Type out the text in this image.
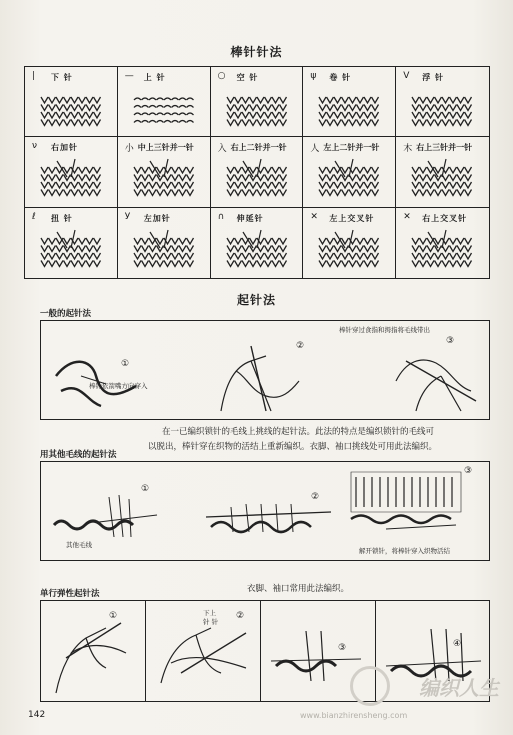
棒针针法
| 下 针	— 上 针	○ 空 针	ψ 卷 针	V 浮 针
ν 右加针	小 中上三针并一针	入 右上二针并一针	人 左上二针并一针	木 右上三针并一针
ℓ 扭 针	У 左加针	∩ 伸延针	✕ 左上交叉针	✕ 右上交叉针
起针法
一般的起针法
①
棒针依箭嘴方向穿入
②
棒针穿过食指和拇指将毛线带出
③
在一已编织锁针的毛线上挑线的起针法。此法的特点是编织锁针的毛线可
以脱出，棒针穿在织物的活结上重新编织。衣脚、袖口挑线处可用此法编织。
用其他毛线的起针法
①
其他毛线
②
③
解开锁针，将棒针穿入织物活结
单行弹性起针法	衣脚、袖口常用此法编织。
①	下上
针 针
②
③	④
142
编织人生
www.bianzhirensheng.com
